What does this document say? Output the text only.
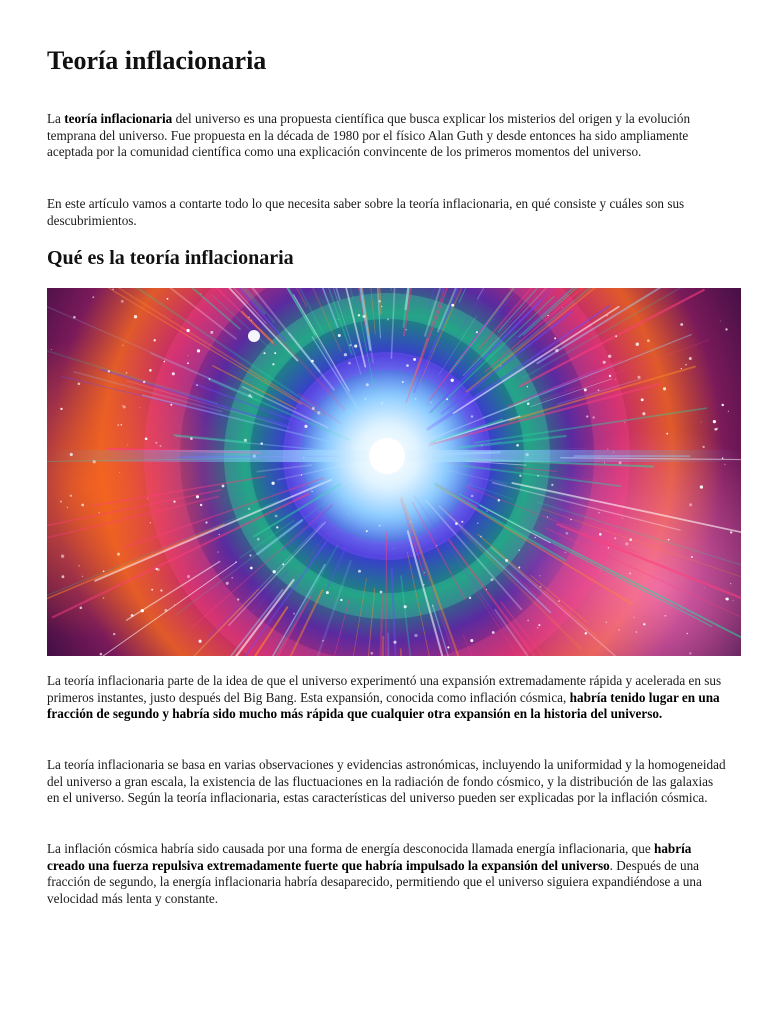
Teoría inflacionaria

La teoría inflacionaria del universo es una propuesta científica que busca explicar los misterios del origen y la evolución temprana del universo. Fue propuesta en la década de 1980 por el físico Alan Guth y desde entonces ha sido ampliamente aceptada por la comunidad científica como una explicación convincente de los primeros momentos del universo.

En este artículo vamos a contarte todo lo que necesita saber sobre la teoría inflacionaria, en qué consiste y cuáles son sus descubrimientos.

Qué es la teoría inflacionaria

La teoría inflacionaria parte de la idea de que el universo experimentó una expansión extremadamente rápida y acelerada en sus primeros instantes, justo después del Big Bang. Esta expansión, conocida como inflación cósmica, habría tenido lugar en una fracción de segundo y habría sido mucho más rápida que cualquier otra expansión en la historia del universo.

La teoría inflacionaria se basa en varias observaciones y evidencias astronómicas, incluyendo la uniformidad y la homogeneidad del universo a gran escala, la existencia de las fluctuaciones en la radiación de fondo cósmico, y la distribución de las galaxias en el universo. Según la teoría inflacionaria, estas características del universo pueden ser explicadas por la inflación cósmica.

La inflación cósmica habría sido causada por una forma de energía desconocida llamada energía inflacionaria, que habría creado una fuerza repulsiva extremadamente fuerte que habría impulsado la expansión del universo. Después de una fracción de segundo, la energía inflacionaria habría desaparecido, permitiendo que el universo siguiera expandiéndose a una velocidad más lenta y constante.
